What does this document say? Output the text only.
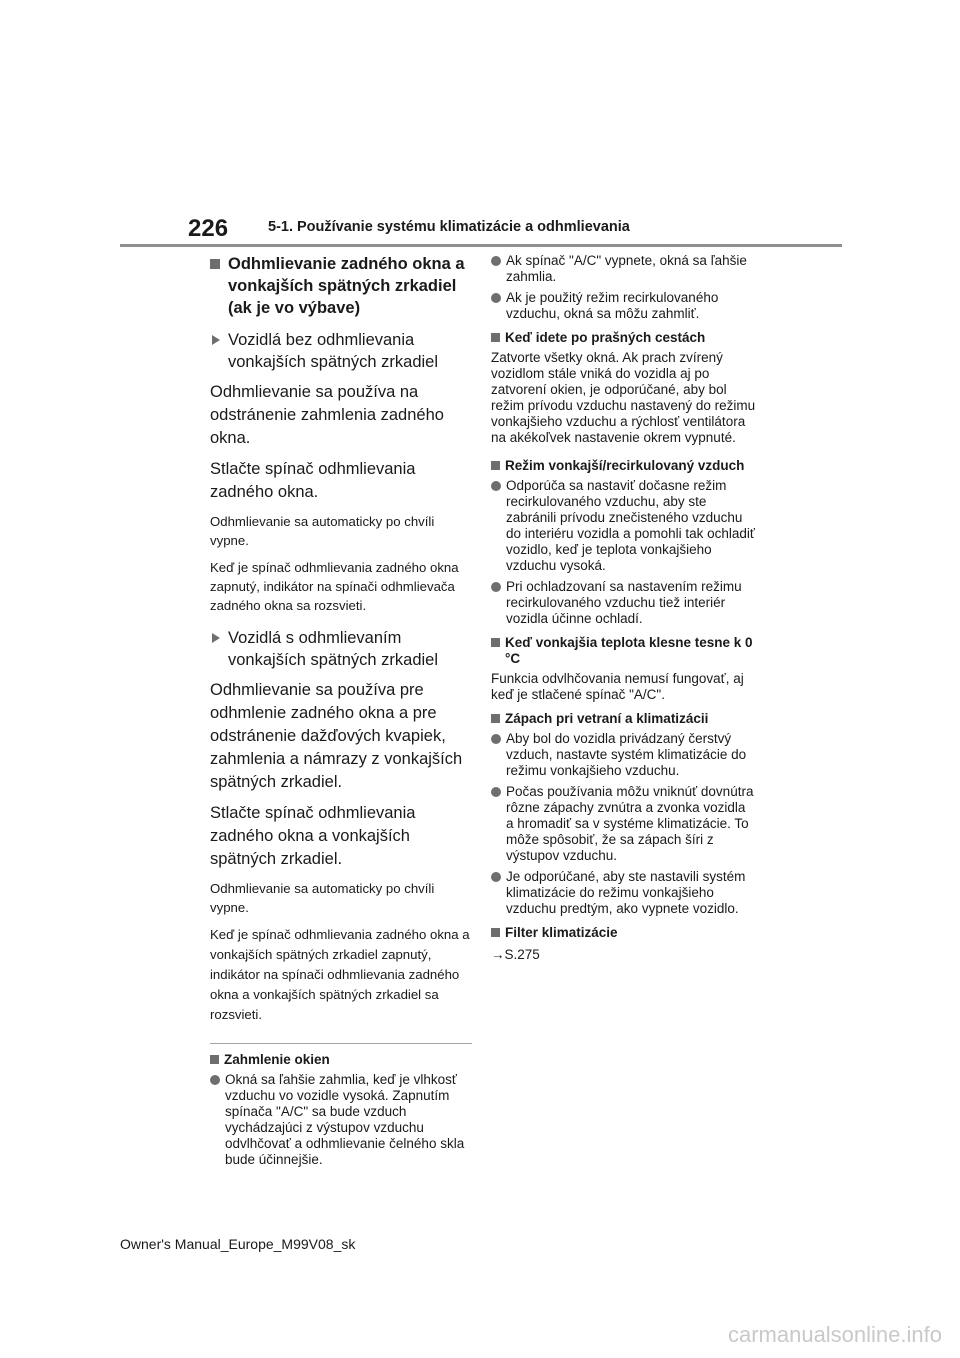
226	5-1. Používanie systému klimatizácie a odhmlievania
Odhmlievanie zadného okna a vonkajších spätných zrkadiel (ak je vo výbave)
Vozidlá bez odhmlievania vonkajších spätných zrkadiel

Odhmlievanie sa používa na odstránenie zahmlenia zadného okna.

Stlačte spínač odhmlievania zadného okna.

Odhmlievanie sa automaticky po chvíli vypne.

Keď je spínač odhmlievania zadného okna zapnutý, indikátor na spínači odhmlievača zadného okna sa rozsvieti.

Vozidlá s odhmlievaním vonkajších spätných zrkadiel

Odhmlievanie sa používa pre odhmlenie zadného okna a pre odstránenie dažďových kvapiek, zahmlenia a námrazy z vonkajších spätných zrkadiel.

Stlačte spínač odhmlievania zadného okna a vonkajších spätných zrkadiel.

Odhmlievanie sa automaticky po chvíli vypne.

Keď je spínač odhmlievania zadného okna a vonkajších spätných zrkadiel zapnutý, indikátor na spínači odhmlievania zadného okna a vonkajších spätných zrkadiel sa rozsvieti.

Zahmlenie okien
Okná sa ľahšie zahmlia, keď je vlhkosť vzduchu vo vozidle vysoká. Zapnutím spínača "A/C" sa bude vzduch vychádzajúci z výstupov vzduchu odvlhčovať a odhmlievanie čelného skla bude účinnejšie.
Ak spínač "A/C" vypnete, okná sa ľahšie zahmlia.
Ak je použitý režim recirkulovaného vzduchu, okná sa môžu zahmliť.
Keď idete po prašných cestách

Zatvorte všetky okná. Ak prach zvírený vozidlom stále vniká do vozidla aj po zatvorení okien, je odporúčané, aby bol režim prívodu vzduchu nastavený do režimu vonkajšieho vzduchu a rýchlosť ventilátora na akékoľvek nastavenie okrem vypnuté.

Režim vonkajší/recirkulovaný vzduch
Odporúča sa nastaviť dočasne režim recirkulovaného vzduchu, aby ste zabránili prívodu znečisteného vzduchu do interiéru vozidla a pomohli tak ochladiť vozidlo, keď je teplota vonkajšieho vzduchu vysoká.
Pri ochladzovaní sa nastavením režimu recirkulovaného vzduchu tiež interiér vozidla účinne ochladí.
Keď vonkajšia teplota klesne tesne k 0 °C

Funkcia odvlhčovania nemusí fungovať, aj keď je stlačené spínač "A/C".

Zápach pri vetraní a klimatizácii
Aby bol do vozidla privádzaný čerstvý vzduch, nastavte systém klimatizácie do režimu vonkajšieho vzduchu.
Počas používania môžu vniknúť dovnútra rôzne zápachy zvnútra a zvonka vozidla a hromadiť sa v systéme klimatizácie. To môže spôsobiť, že sa zápach šíri z výstupov vzduchu.
Je odporúčané, aby ste nastavili systém klimatizácie do režimu vonkajšieho vzduchu predtým, ako vypnete vozidlo.
Filter klimatizácie

→S.275

Owner's Manual_Europe_M99V08_sk
carmanualsonline.info
